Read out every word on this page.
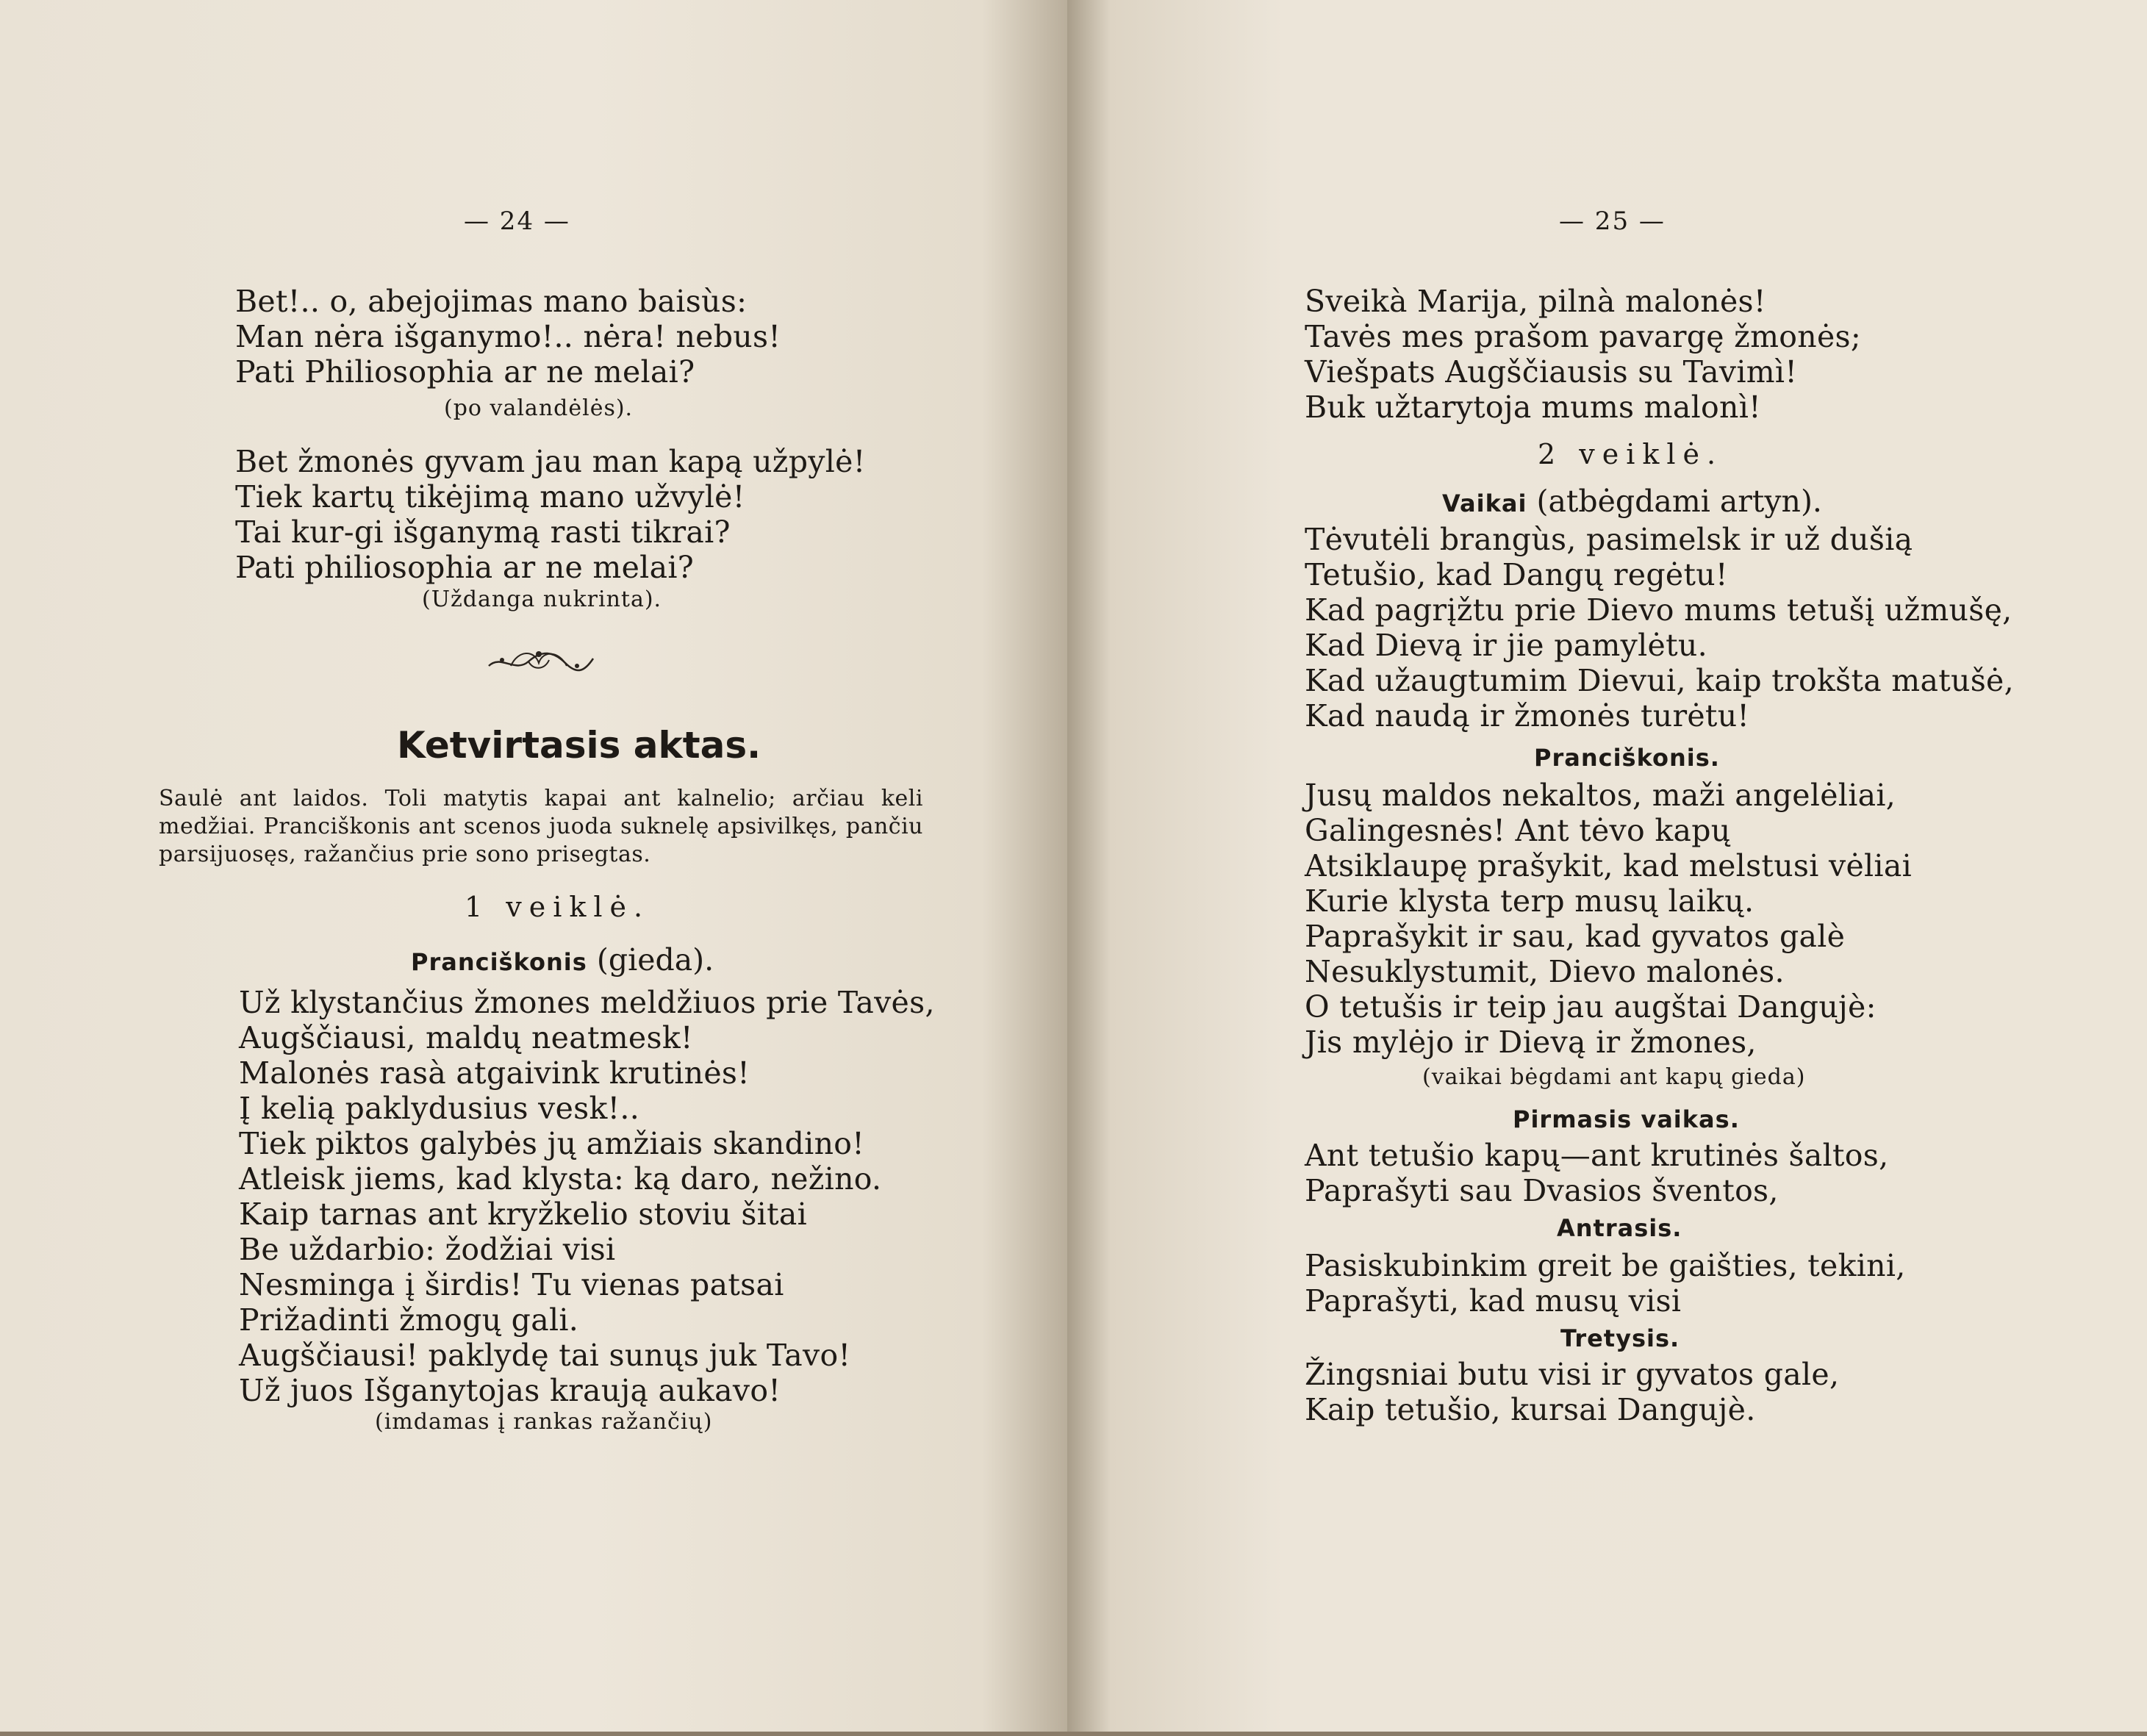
— 24 —
Bet!.. o, abejojimas mano baisùs:
Man nėra išganymo!.. nėra! nebus!
Pati Philiosophia ar ne melai?
(po valandėlės).
Bet žmonės gyvam jau man kapą užpylė!
Tiek kartų tikėjimą mano užvylė!
Tai kur-gi išganymą rasti tikrai?
Pati philiosophia ar ne melai?
(Uždanga nukrinta).
Ketvirtasis aktas.
Saulė ant laidos. Toli matytis kapai ant kalnelio; arčiau keli medžiai. Pranciškonis ant scenos juoda suknelę apsivilkęs, pančiu parsijuosęs, ražančius prie sono prisegtas.
1 veiklė.
Pranciškonis (gieda).
Už klystančius žmones meldžiuos prie Tavės,
Augščiausi, maldų neatmesk!
Malonės rasà atgaivink krutinės!
Į kelią paklydusius vesk!..
Tiek piktos galybės jų amžiais skandino!
Atleisk jiems, kad klysta: ką daro, nežino.
Kaip tarnas ant kryžkelio stoviu šitai
Be uždarbio: žodžiai visi
Nesminga į širdis! Tu vienas patsai
Prižadinti žmogų gali.
Augščiausi! paklydę tai sunųs juk Tavo!
Už juos Išganytojas kraują aukavo!
(imdamas į rankas ražančių)
— 25 —
Sveikà Marija, pilnà malonės!
Tavės mes prašom pavargę žmonės;
Viešpats Augščiausis su Tavimì!
Buk užtarytoja mums malonì!
2 veiklė.
Vaikai (atbėgdami artyn).
Tėvutėli brangùs, pasimelsk ir už dušią
Tetušio, kad Dangų regėtu!
Kad pagrįžtu prie Dievo mums tetušį užmušę,
Kad Dievą ir jie pamylėtu.
Kad užaugtumim Dievui, kaip trokšta matušė,
Kad naudą ir žmonės turėtu!
Pranciškonis.
Jusų maldos nekaltos, maži angelėliai,
Galingesnės! Ant tėvo kapų
Atsiklaupę prašykit, kad melstusi vėliai
Kurie klysta terp musų laikų.
Paprašykit ir sau, kad gyvatos galè
Nesuklystumit, Dievo malonės.
O tetušis ir teip jau augštai Dangujè:
Jis mylėjo ir Dievą ir žmones,
(vaikai bėgdami ant kapų gieda)
Pirmasis vaikas.
Ant tetušio kapų—ant krutinės šaltos,
Paprašyti sau Dvasios šventos,
Antrasis.
Pasiskubinkim greit be gaišties, tekini,
Paprašyti, kad musų visi
Tretysis.
Žingsniai butu visi ir gyvatos gale,
Kaip tetušio, kursai Dangujè.
